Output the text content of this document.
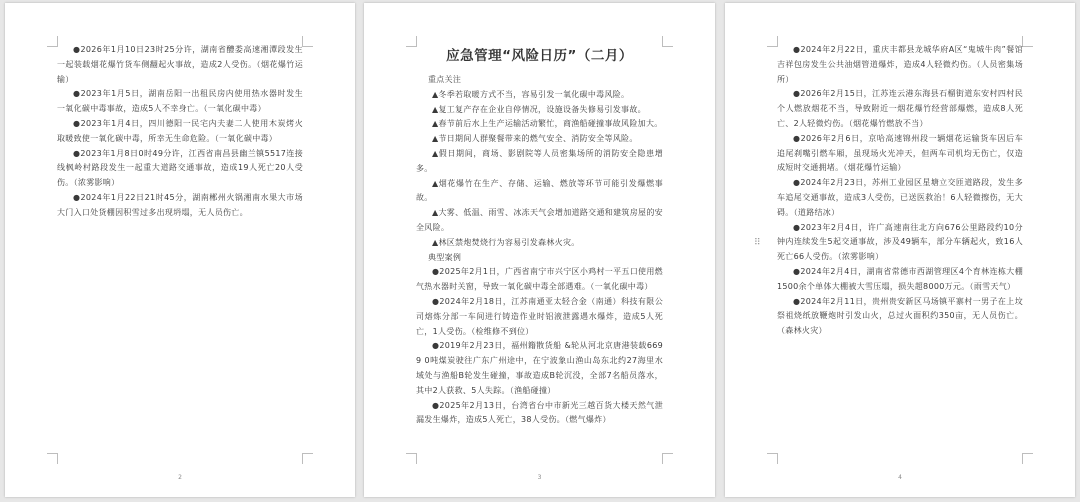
●2026年1月10日23时25分许，湖南省醴娄高速湘潭段发生一起装载烟花爆竹货车侧翻起火事故，造成2人受伤。（烟花爆竹运输）

●2023年1月5日，湖南岳阳一出租民房内使用热水器时发生一氧化碳中毒事故，造成5人不幸身亡。（一氧化碳中毒）

●2023年1月4日，四川德阳一民宅内夫妻二人使用木炭烤火取暖致使一氧化碳中毒，所幸无生命危险。（一氧化碳中毒）

●2023年1月8日0时49分许，江西省南昌县幽兰镇5517连接线枫岭村路段发生一起重大道路交通事故，造成19人死亡20人受伤。（浓雾影响）

●2024年1月22日21时45分，湖南郴州火锅湘南水果大市场大门入口处货棚因积雪过多出现坍塌，无人员伤亡。

2
应急管理“风险日历”（二月）

重点关注

▲冬季若取暖方式不当，容易引发一氧化碳中毒风险。

▲复工复产存在企业自停情况，设施设备失修易引发事故。

▲春节前后水上生产运输活动繁忙，商渔船碰撞事故风险加大。

▲节日期间人群聚餐带来的燃气安全、消防安全等风险。

▲假日期间，商场、影剧院等人员密集场所的消防安全隐患增多。

▲烟花爆竹在生产、存储、运输、燃放等环节可能引发爆燃事故。

▲大雾、低温、雨雪、冰冻天气会增加道路交通和建筑房屋的安全风险。

▲林区禁炮焚烧行为容易引发森林火灾。

典型案例

●2025年2月1日，广西省南宁市兴宁区小鸡村一平五口使用燃气热水器时关窗，导致一氧化碳中毒全部遇难。（一氧化碳中毒）

●2024年2月18日，江苏南通亚太轻合金（南通）科技有限公司熔炼分部一车间进行铸造作业时铝液泄露遇水爆炸，造成5人死亡，1人受伤。（检维修不到位）

●2019年2月23日，福州籍散货船 &轮从河北京唐港装载6699 0吨煤炭驶往广东广州途中，在宁波象山渔山岛东北约27海里水域处与渔船B轮发生碰撞，事故造成B轮沉没，全部7名船员落水，其中2人获救、5人失踪。（渔船碰撞）

●2025年2月13日，台湾省台中市新光三越百货大楼天然气泄漏发生爆炸，造成5人死亡，38人受伤。（燃气爆炸）

3
⠿

●2024年2月22日，重庆丰都县龙城华府A区“鬼城牛肉”餐馆吉祥包房发生公共油烟管道爆炸，造成4人轻微灼伤。（人员密集场所）

●2026年2月15日，江苏连云港东海县石榴街道东安村四村民个人燃放烟花不当，导致附近一烟花爆竹经营部爆燃，造成8人死亡、2人轻微灼伤。（烟花爆竹燃放不当）

●2026年2月6日，京哈高速锦州段一辆烟花运输货车因后车追尾刹嘴引燃车厢，虽现场火光冲天，但两车司机均无伤亡，仅造成短时交通拥堵。（烟花爆竹运输）

●2024年2月23日，苏州工业园区星塘立交匝道路段，发生多车追尾交通事故，造成3人受伤，已送医救治！6人轻微擦伤，无大碍。（道路结冰）

●2023年2月4日，许广高速南往北方向676公里路段约10分钟内连续发生5起交通事故，涉及49辆车，部分车辆起火，致16人死亡66人受伤。（浓雾影响）

●2024年2月4日，湖南省常德市西湖管理区4个育林连栋大棚1500余个单体大棚被大雪压塌，损失超8000万元。（雨雪天气）

●2024年2月11日，贵州贵安新区马场镇平寨村一男子在上坟祭祖烧纸放鞭炮时引发山火，总过火面积约350亩，无人员伤亡。（森林火灾）

4
